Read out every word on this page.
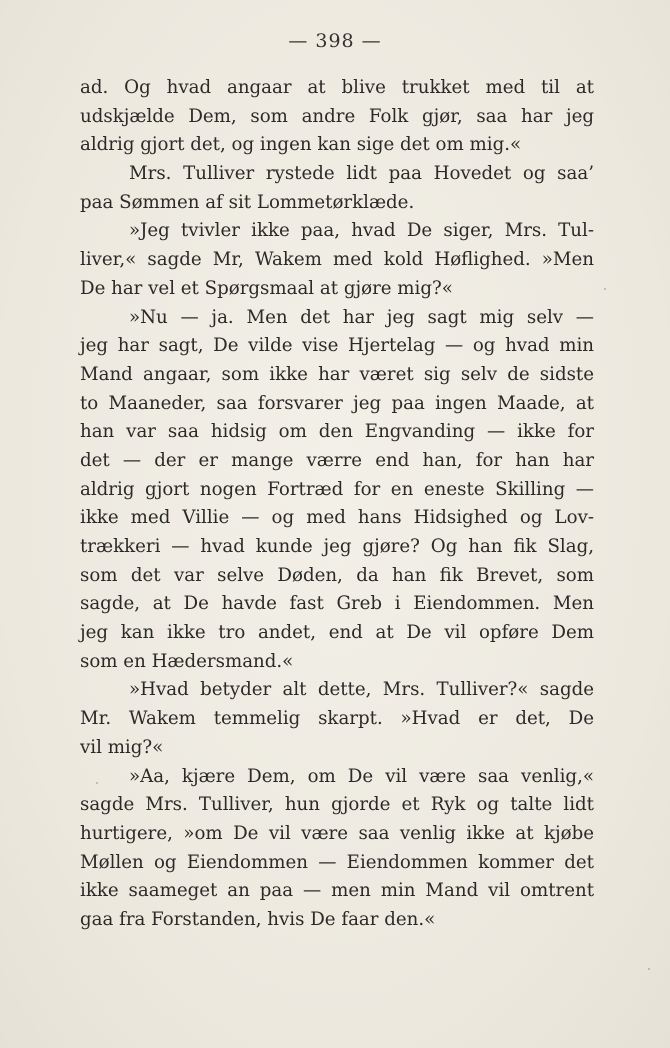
— 398 —
ad. Og hvad angaar at blive trukket med til at
udskjælde Dem, som andre Folk gjør, saa har jeg
aldrig gjort det, og ingen kan sige det om mig.«
Mrs. Tulliver rystede lidt paa Hovedet og saa’
paa Sømmen af sit Lommetørklæde.
»Jeg tvivler ikke paa, hvad De siger, Mrs. Tul-
liver,« sagde Mr, Wakem med kold Høflighed. »Men
De har vel et Spørgsmaal at gjøre mig?«
»Nu — ja. Men det har jeg sagt mig selv —
jeg har sagt, De vilde vise Hjertelag — og hvad min
Mand angaar, som ikke har været sig selv de sidste
to Maaneder, saa forsvarer jeg paa ingen Maade, at
han var saa hidsig om den Engvanding — ikke for
det — der er mange værre end han, for han har
aldrig gjort nogen Fortræd for en eneste Skilling —
ikke med Villie — og med hans Hidsighed og Lov-
trækkeri — hvad kunde jeg gjøre? Og han fik Slag,
som det var selve Døden, da han fik Brevet, som
sagde, at De havde fast Greb i Eiendommen. Men
jeg kan ikke tro andet, end at De vil opføre Dem
som en Hædersmand.«
»Hvad betyder alt dette, Mrs. Tulliver?« sagde
Mr. Wakem temmelig skarpt. »Hvad er det, De
vil mig?«
»Aa, kjære Dem, om De vil være saa venlig,«
sagde Mrs. Tulliver, hun gjorde et Ryk og talte lidt
hurtigere, »om De vil være saa venlig ikke at kjøbe
Møllen og Eiendommen — Eiendommen kommer det
ikke saameget an paa — men min Mand vil omtrent
gaa fra Forstanden, hvis De faar den.«
